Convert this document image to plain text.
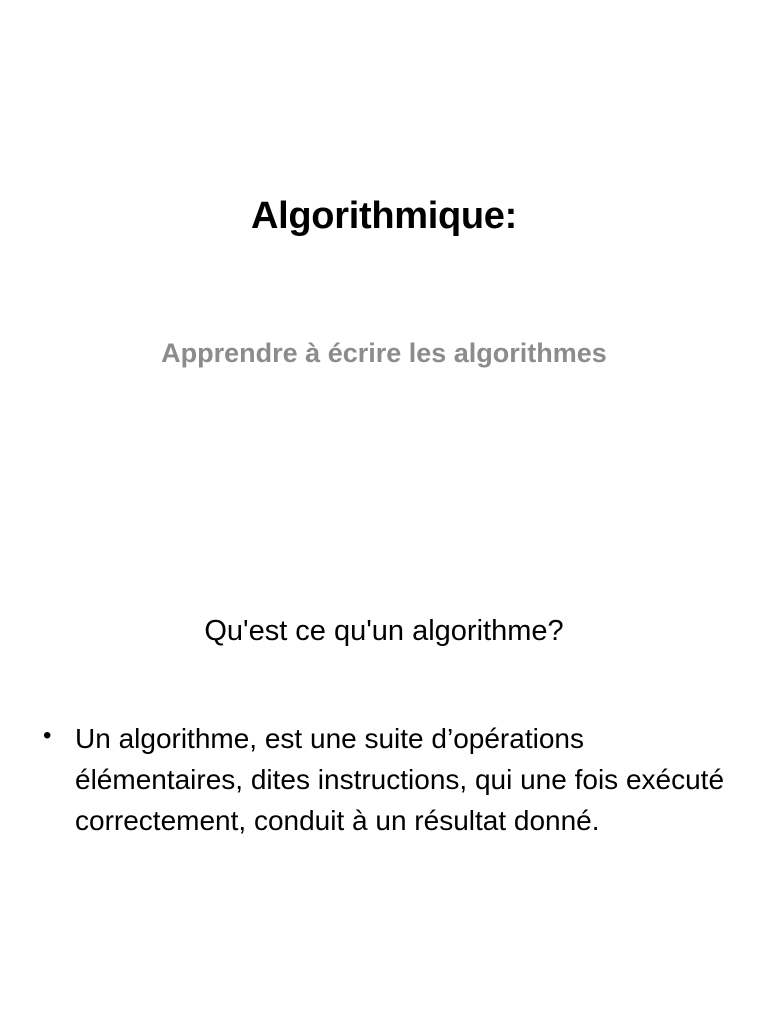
Algorithmique:
Apprendre à écrire les algorithmes
Qu'est ce qu'un algorithme?
• Un algorithme, est une suite d’opérations élémentaires, dites instructions, qui une fois exécuté correctement, conduit à un résultat donné.
